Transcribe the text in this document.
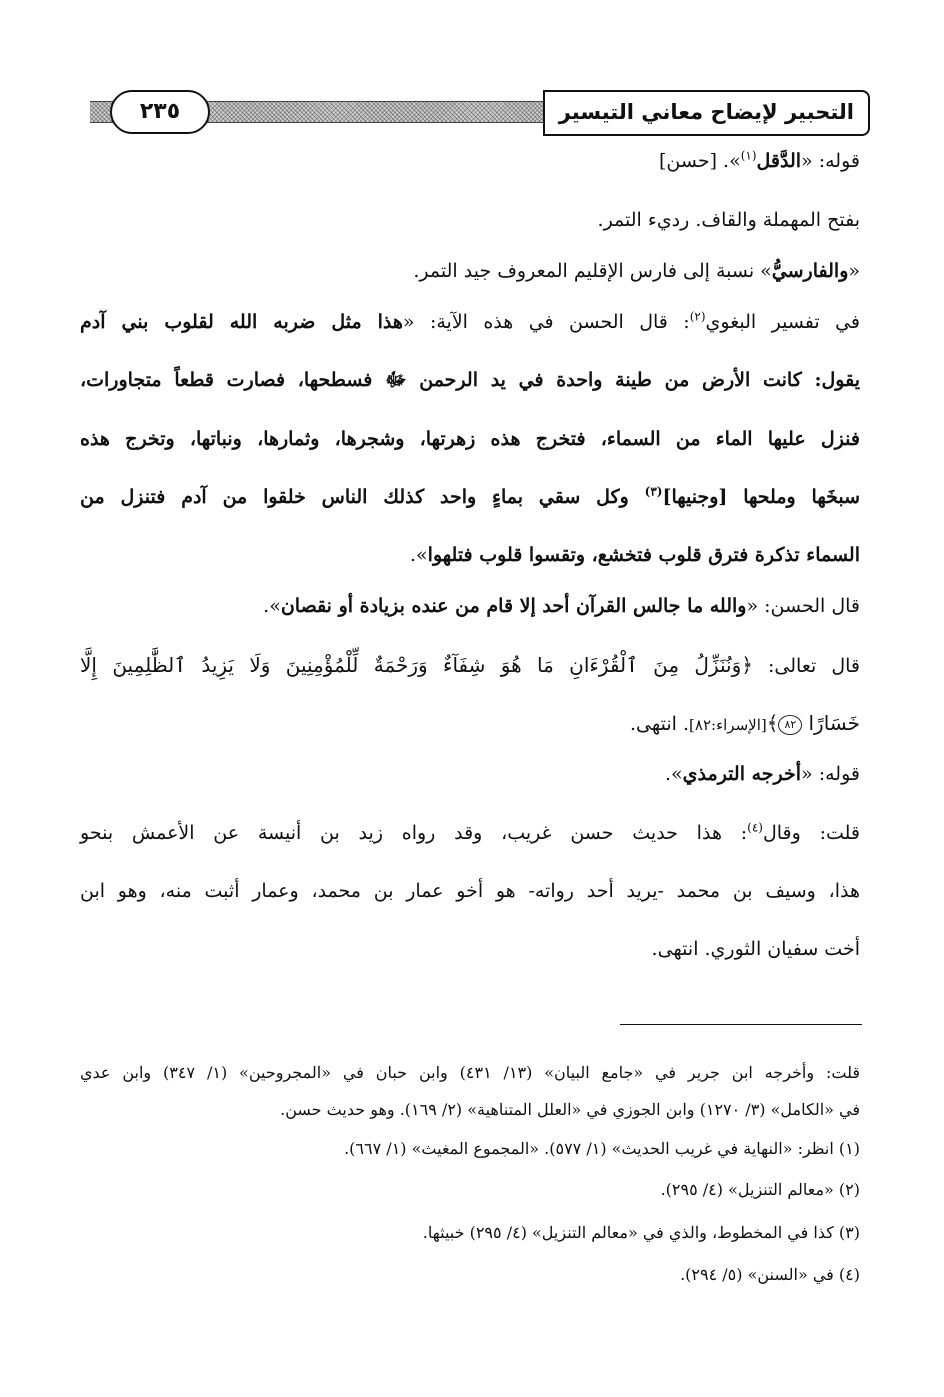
التحبير لإيضاح معاني التيسير
٢٣٥
قوله: «الدَّقل$^{(١)}$». [حسن]
بفتح المهملة والقاف. رديء التمر.
«والفارسيُّ» نسبة إلى فارس الإقليم المعروف جيد التمر.
في تفسير البغوي$^{(٢)}$: قال الحسن في هذه الآية: «هذا مثل ضربه الله لقلوب بني آدم
يقول: كانت الأرض من طينة واحدة في يد الرحمن ﷻ فسطحها، فصارت قطعاً متجاورات،
فنزل عليها الماء من السماء، فتخرج هذه زهرتها، وشجرها، وثمارها، ونباتها، وتخرج هذه
سبخَها وملحها [وجنيها]$^{(٣)}$ وكل سقي بماءٍ واحد كذلك الناس خلقوا من آدم فتنزل من
السماء تذكرة فترق قلوب فتخشع، وتقسوا قلوب فتلهوا».
قال الحسن: «والله ما جالس القرآن أحد إلا قام من عنده بزيادة أو نقصان».
قال تعالى: ﴿وَنُنَزِّلُ مِنَ ٱلْقُرْءَانِ مَا هُوَ شِفَآءٌ وَرَحْمَةٌ لِّلْمُؤْمِنِينَ وَلَا يَزِيدُ ٱلظَّٰلِمِينَ إِلَّا
خَسَارًا ٨٢﴾[الإسراء:٨٢]. انتهى.
قوله: «أخرجه الترمذي».
قلت: وقال$^{(٤)}$: هذا حديث حسن غريب، وقد رواه زيد بن أنيسة عن الأعمش بنحو
هذا، وسيف بن محمد -يريد أحد رواته- هو أخو عمار بن محمد، وعمار أثبت منه، وهو ابن
أخت سفيان الثوري. انتهى.
قلت: وأخرجه ابن جرير في «جامع البيان» (١٣/ ٤٣١) وابن حبان في «المجروحين» (١/ ٣٤٧) وابن عدي
في «الكامل» (٣/ ١٢٧٠) وابن الجوزي في «العلل المتناهية» (٢/ ١٦٩). وهو حديث حسن.
(١) انظر: «النهاية في غريب الحديث» (١/ ٥٧٧). «المجموع المغيث» (١/ ٦٦٧).
(٢) «معالم التنزيل» (٤/ ٢٩٥).
(٣) كذا في المخطوط، والذي في «معالم التنزيل» (٤/ ٢٩٥) خبيثها.
(٤) في «السنن» (٥/ ٢٩٤).
